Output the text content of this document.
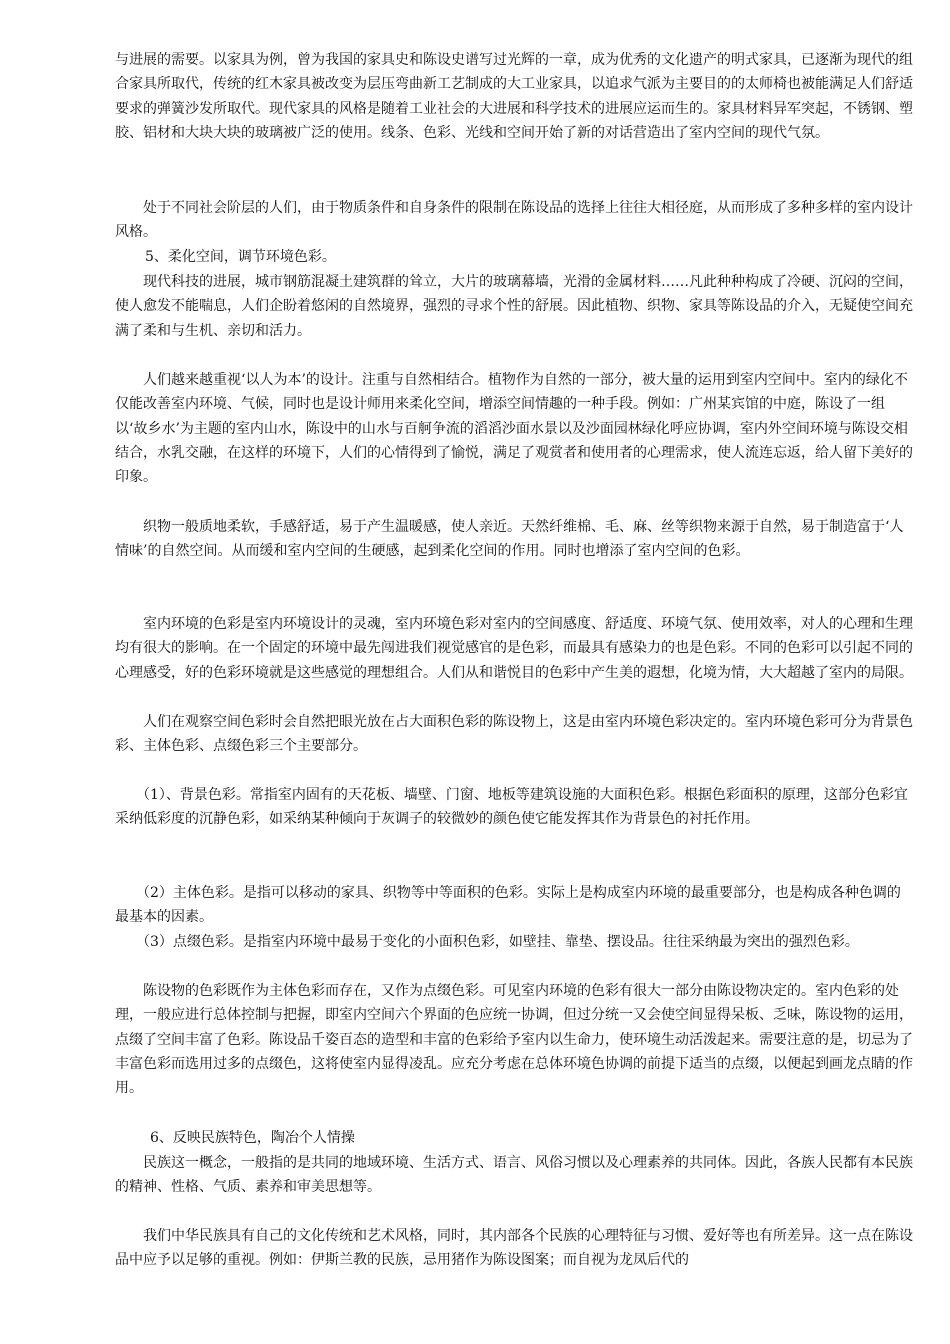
与进展的需要。以家具为例，曾为我国的家具史和陈设史谱写过光辉的一章，成为优秀的文化遗产的明式家具，已逐渐为现代的组合家具所取代，传统的红木家具被改变为层压弯曲新工艺制成的大工业家具，以追求气派为主要目的的太师椅也被能满足人们舒适要求的弹簧沙发所取代。现代家具的风格是随着工业社会的大进展和科学技术的进展应运而生的。家具材料异军突起，不锈钢、塑胶、铝材和大块大块的玻璃被广泛的使用。线条、色彩、光线和空间开始了新的对话营造出了室内空间的现代气氛。

处于不同社会阶层的人们，由于物质条件和自身条件的限制在陈设品的选择上往往大相径庭，从而形成了多种多样的室内设计风格。

5、柔化空间，调节环境色彩。

现代科技的进展，城市钢筋混凝土建筑群的耸立，大片的玻璃幕墙，光滑的金属材料……凡此种种构成了冷硬、沉闷的空间，使人愈发不能喘息，人们企盼着悠闲的自然境界，强烈的寻求个性的舒展。因此植物、织物、家具等陈设品的介入，无疑使空间充满了柔和与生机、亲切和活力。

人们越来越重视‘以人为本’的设计。注重与自然相结合。植物作为自然的一部分，被大量的运用到室内空间中。室内的绿化不仅能改善室内环境、气候，同时也是设计师用来柔化空间，增添空间情趣的一种手段。例如：广州某宾馆的中庭，陈设了一组以‘故乡水’为主题的室内山水，陈设中的山水与百舸争流的滔滔沙面水景以及沙面园林绿化呼应协调，室内外空间环境与陈设交相结合，水乳交融，在这样的环境下，人们的心情得到了愉悦，满足了观赏者和使用者的心理需求，使人流连忘返，给人留下美好的印象。

织物一般质地柔软，手感舒适，易于产生温暖感，使人亲近。天然纤维棉、毛、麻、丝等织物来源于自然，易于制造富于‘人情味’的自然空间。从而缓和室内空间的生硬感，起到柔化空间的作用。同时也增添了室内空间的色彩。

室内环境的色彩是室内环境设计的灵魂，室内环境色彩对室内的空间感度、舒适度、环境气氛、使用效率，对人的心理和生理均有很大的影响。在一个固定的环境中最先闯进我们视觉感官的是色彩，而最具有感染力的也是色彩。不同的色彩可以引起不同的心理感受，好的色彩环境就是这些感觉的理想组合。人们从和谐悦目的色彩中产生美的遐想，化境为情，大大超越了室内的局限。

人们在观察空间色彩时会自然把眼光放在占大面积色彩的陈设物上，这是由室内环境色彩决定的。室内环境色彩可分为背景色彩、主体色彩、点缀色彩三个主要部分。

（1）、背景色彩。常指室内固有的天花板、墙壁、门窗、地板等建筑设施的大面积色彩。根据色彩面积的原理，这部分色彩宜采纳低彩度的沉静色彩，如采纳某种倾向于灰调子的较微妙的颜色使它能发挥其作为背景色的衬托作用。

（2）主体色彩。是指可以移动的家具、织物等中等面积的色彩。实际上是构成室内环境的最重要部分，也是构成各种色调的最基本的因素。

（3）点缀色彩。是指室内环境中最易于变化的小面积色彩，如壁挂、靠垫、摆设品。往往采纳最为突出的强烈色彩。

陈设物的色彩既作为主体色彩而存在，又作为点缀色彩。可见室内环境的色彩有很大一部分由陈设物决定的。室内色彩的处理，一般应进行总体控制与把握，即室内空间六个界面的色应统一协调，但过分统一又会使空间显得呆板、乏味，陈设物的运用，点缀了空间丰富了色彩。陈设品千姿百态的造型和丰富的色彩给予室内以生命力，使环境生动活泼起来。需要注意的是，切忌为了丰富色彩而选用过多的点缀色，这将使室内显得凌乱。应充分考虑在总体环境色协调的前提下适当的点缀，以便起到画龙点睛的作用。

6、反映民族特色，陶冶个人情操

民族这一概念，一般指的是共同的地域环境、生活方式、语言、风俗习惯以及心理素养的共同体。因此，各族人民都有本民族的精神、性格、气质、素养和审美思想等。

我们中华民族具有自己的文化传统和艺术风格，同时，其内部各个民族的心理特征与习惯、爱好等也有所差异。这一点在陈设品中应予以足够的重视。例如：伊斯兰教的民族，忌用猪作为陈设图案；而自视为龙凤后代的
